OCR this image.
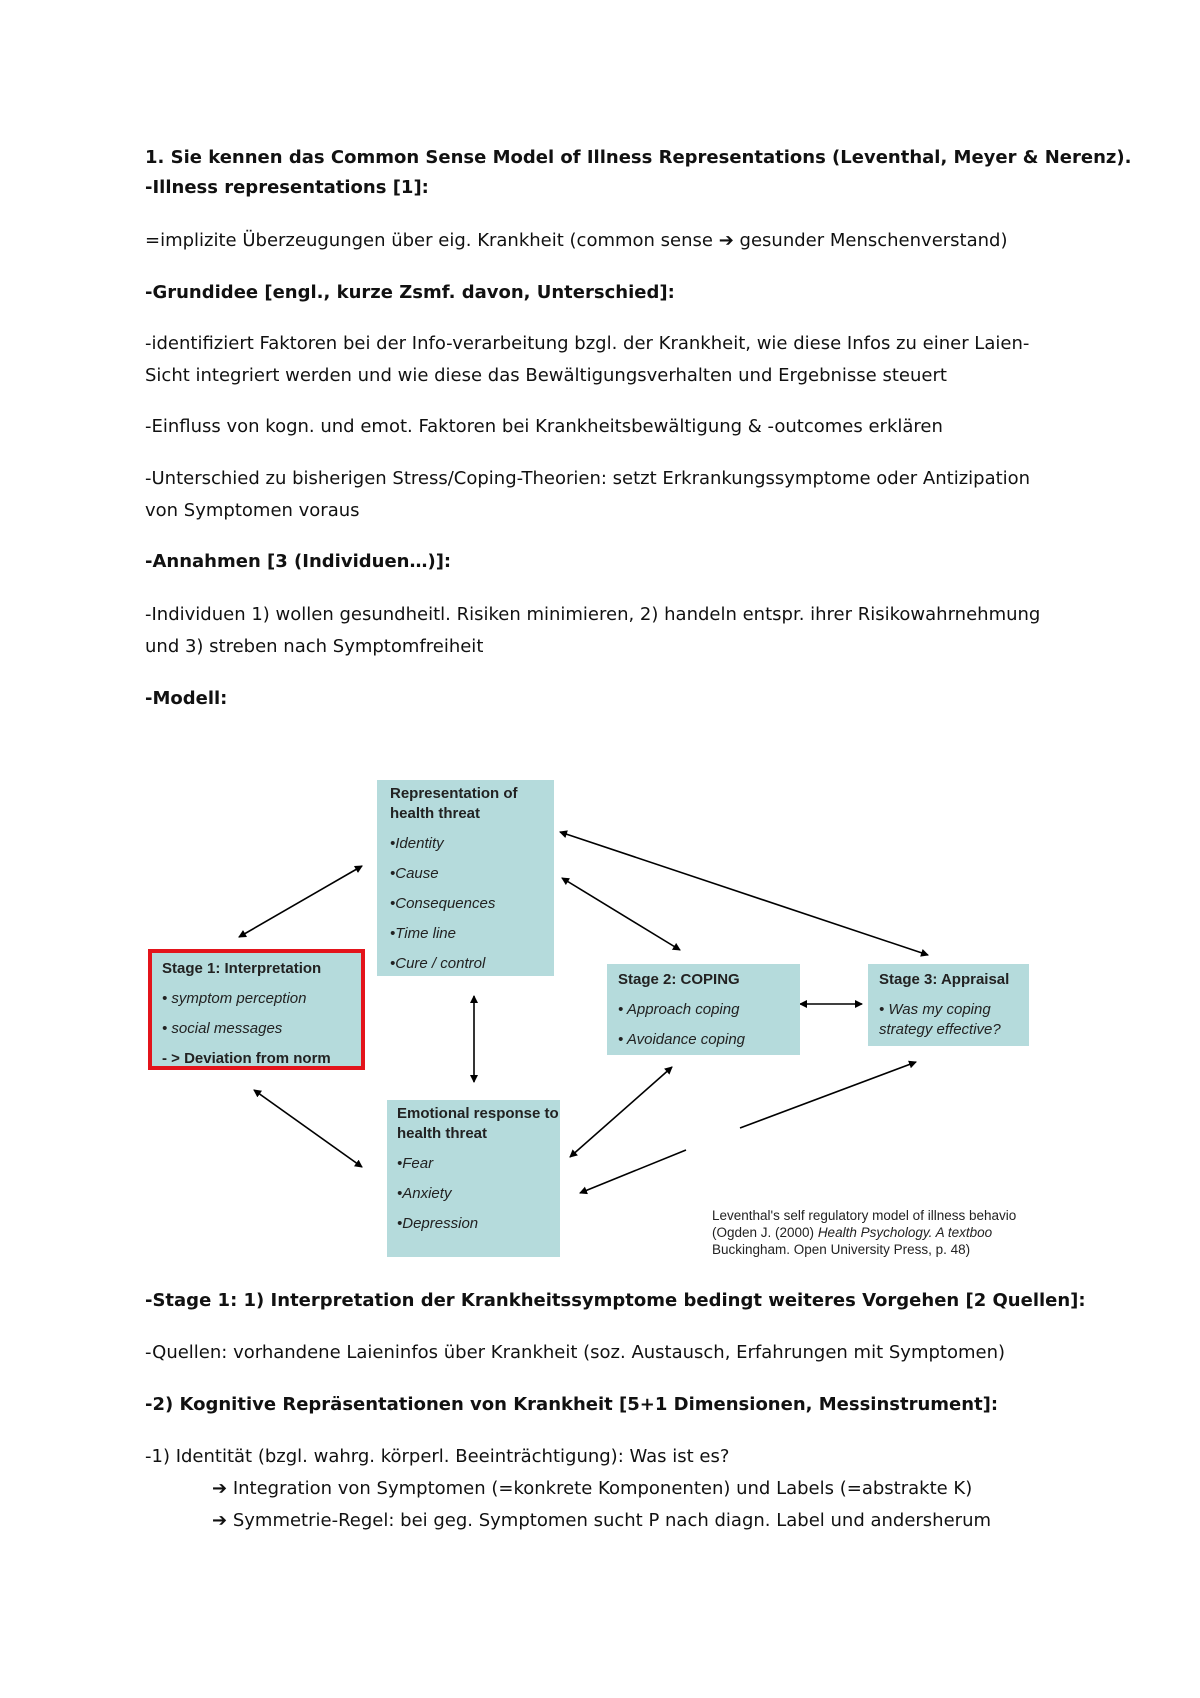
1. Sie kennen das Common Sense Model of Illness Representations (Leventhal, Meyer & Nerenz).

-Illness representations [1]:

=implizite Überzeugungen über eig. Krankheit (common sense ➔ gesunder Menschenverstand)

-Grundidee [engl., kurze Zsmf. davon, Unterschied]:

-identifiziert Faktoren bei der Info-verarbeitung bzgl. der Krankheit, wie diese Infos zu einer Laien-

Sicht integriert werden und wie diese das Bewältigungsverhalten und Ergebnisse steuert

-Einfluss von kogn. und emot. Faktoren bei Krankheitsbewältigung & -outcomes erklären

-Unterschied zu bisherigen Stress/Coping-Theorien: setzt Erkrankungssymptome oder Antizipation

von Symptomen voraus

-Annahmen [3 (Individuen…)]:

-Individuen 1) wollen gesundheitl. Risiken minimieren, 2) handeln entspr. ihrer Risikowahrnehmung

und 3) streben nach Symptomfreiheit

-Modell:

Representation of health threat
•Identity
•Cause
•Consequences
•Time line
•Cure / control
Stage 1: Interpretation
• symptom perception
• social messages
- > Deviation from norm
Emotional response to health threat
•Fear
•Anxiety
•Depression
Stage 2: COPING
• Approach coping
• Avoidance coping
Stage 3: Appraisal
• Was my coping strategy effective?
Leventhal's self regulatory model of illness behavio
(Ogden J. (2000) Health Psychology. A textboo
Buckingham. Open University Press, p. 48)

-Stage 1: 1) Interpretation der Krankheitssymptome bedingt weiteres Vorgehen [2 Quellen]:

-Quellen: vorhandene Laieninfos über Krankheit (soz. Austausch, Erfahrungen mit Symptomen)

-2) Kognitive Repräsentationen von Krankheit [5+1 Dimensionen, Messinstrument]:

-1) Identität (bzgl. wahrg. körperl. Beeinträchtigung): Was ist es?

➔ Integration von Symptomen (=konkrete Komponenten) und Labels (=abstrakte K)

➔ Symmetrie-Regel: bei geg. Symptomen sucht P nach diagn. Label und andersherum
